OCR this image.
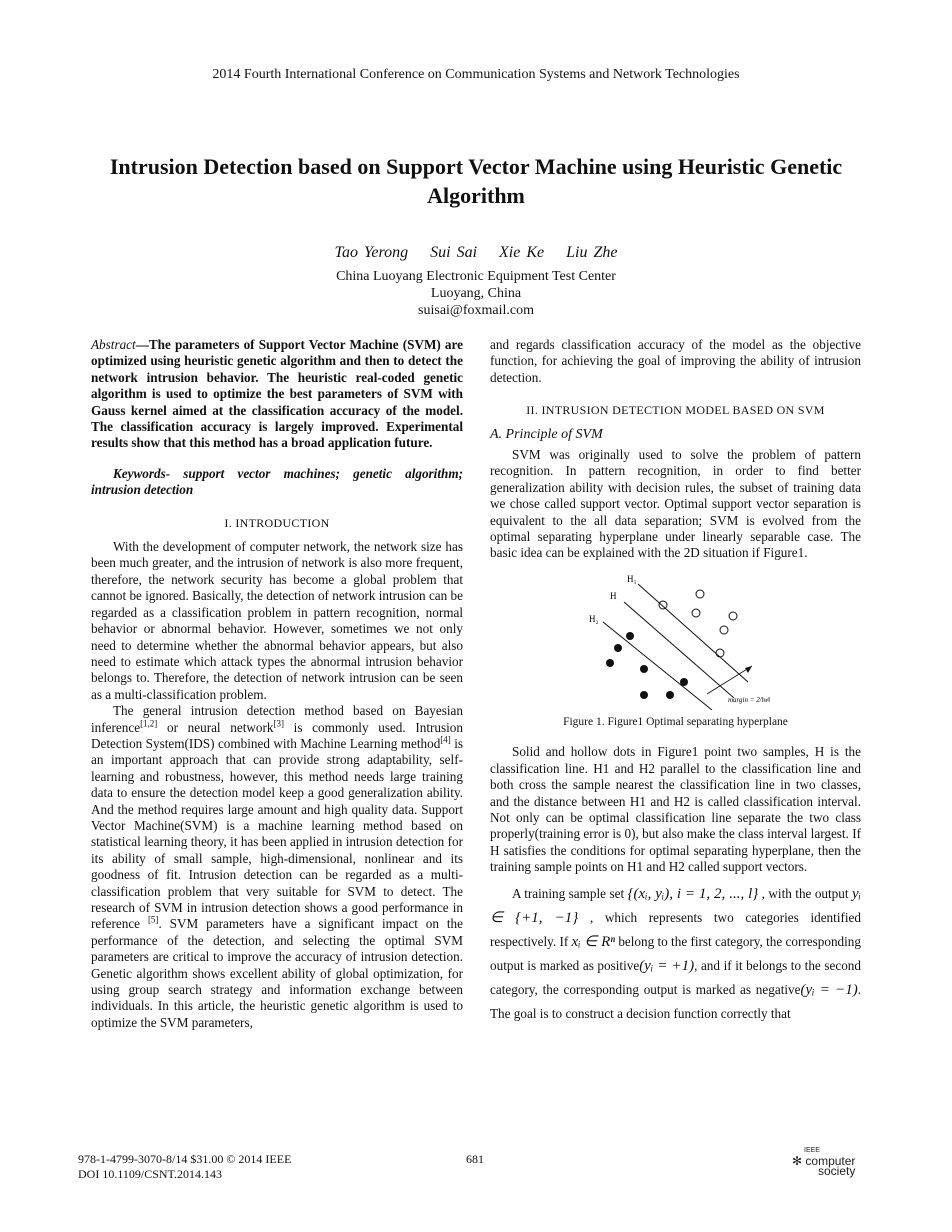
2014 Fourth International Conference on Communication Systems and Network Technologies
Intrusion Detection based on Support Vector Machine using Heuristic Genetic Algorithm
Tao Yerong Sui Sai Xie Ke Liu Zhe
China Luoyang Electronic Equipment Test Center
Luoyang, China
suisai@foxmail.com

Abstract—The parameters of Support Vector Machine (SVM) are optimized using heuristic genetic algorithm and then to detect the network intrusion behavior. The heuristic real-coded genetic algorithm is used to optimize the best parameters of SVM with Gauss kernel aimed at the classification accuracy of the model. The classification accuracy is largely improved. Experimental results show that this method has a broad application future.

Keywords- support vector machines; genetic algorithm; intrusion detection

I. INTRODUCTION

With the development of computer network, the network size has been much greater, and the intrusion of network is also more frequent, therefore, the network security has become a global problem that cannot be ignored. Basically, the detection of network intrusion can be regarded as a classification problem in pattern recognition, normal behavior or abnormal behavior. However, sometimes we not only need to determine whether the abnormal behavior appears, but also need to estimate which attack types the abnormal intrusion behavior belongs to. Therefore, the detection of network intrusion can be seen as a multi-classification problem.

The general intrusion detection method based on Bayesian inference[1,2] or neural network[3] is commonly used. Intrusion Detection System(IDS) combined with Machine Learning method[4] is an important approach that can provide strong adaptability, self-learning and robustness, however, this method needs large training data to ensure the detection model keep a good generalization ability. And the method requires large amount and high quality data. Support Vector Machine(SVM) is a machine learning method based on statistical learning theory, it has been applied in intrusion detection for its ability of small sample, high-dimensional, nonlinear and its goodness of fit. Intrusion detection can be regarded as a multi-classification problem that very suitable for SVM to detect. The research of SVM in intrusion detection shows a good performance in reference [5]. SVM parameters have a significant impact on the performance of the detection, and selecting the optimal SVM parameters are critical to improve the accuracy of intrusion detection. Genetic algorithm shows excellent ability of global optimization, for using group search strategy and information exchange between individuals. In this article, the heuristic genetic algorithm is used to optimize the SVM parameters,

and regards classification accuracy of the model as the objective function, for achieving the goal of improving the ability of intrusion detection.

II. INTRUSION DETECTION MODEL BASED ON SVM
A. Principle of SVM

SVM was originally used to solve the problem of pattern recognition. In pattern recognition, in order to find better generalization ability with decision rules, the subset of training data we chose called support vector. Optimal support vector separation is equivalent to the all data separation; SVM is evolved from the optimal separating hyperplane under linearly separable case. The basic idea can be explained with the 2D situation if Figure1.

H₁
H
H₂
margin = 2/‖w‖
Figure 1. Figure1 Optimal separating hyperplane

Solid and hollow dots in Figure1 point two samples, H is the classification line. H1 and H2 parallel to the classification line and both cross the sample nearest the classification line in two classes, and the distance between H1 and H2 is called classification interval. Not only can be optimal classification line separate the two class properly(training error is 0), but also make the class interval largest. If H satisfies the conditions for optimal separating hyperplane, then the training sample points on H1 and H2 called support vectors.

A training sample set {(xᵢ, yᵢ), i = 1, 2, ..., l} , with the output yᵢ ∈ {+1, −1} , which represents two categories identified respectively. If xᵢ ∈ Rⁿ belong to the first category, the corresponding output is marked as positive(yᵢ = +1), and if it belongs to the second category, the corresponding output is marked as negative(yᵢ = −1). The goal is to construct a decision function correctly that

978-1-4799-3070-8/14 $31.00 © 2014 IEEE
DOI 10.1109/CSNT.2014.143
681
IEEE
✻ computer
society
